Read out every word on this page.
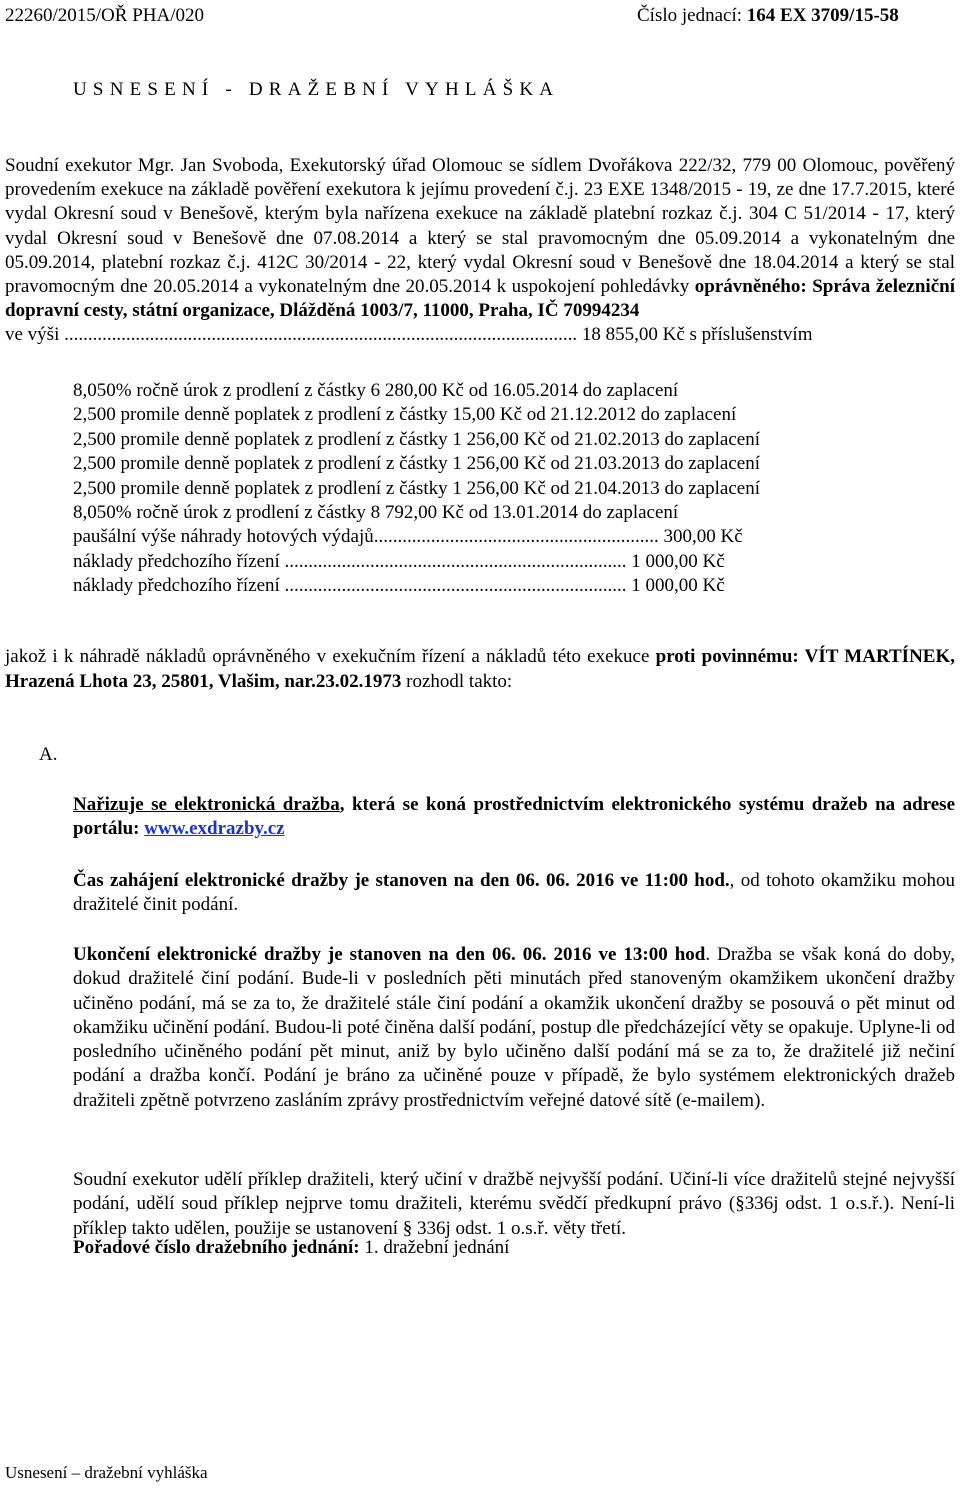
22260/2015/OŘ PHA/020	Číslo jednací: 164 EX 3709/15-58
USNESENÍ - DRAŽEBNÍ VYHLÁŠKA
Soudní exekutor Mgr. Jan Svoboda, Exekutorský úřad Olomouc se sídlem Dvořákova 222/32, 779 00 Olomouc, pověřený provedením exekuce na základě pověření exekutora k jejímu provedení č.j. 23 EXE 1348/2015 - 19, ze dne 17.7.2015, které vydal Okresní soud v Benešově, kterým byla nařízena exekuce na základě platební rozkaz č.j. 304 C 51/2014 - 17, který vydal Okresní soud v Benešově dne 07.08.2014 a který se stal pravomocným dne 05.09.2014 a vykonatelným dne 05.09.2014, platební rozkaz č.j. 412C 30/2014 - 22, který vydal Okresní soud v Benešově dne 18.04.2014 a který se stal pravomocným dne 20.05.2014 a vykonatelným dne 20.05.2014 k uspokojení pohledávky oprávněného: Správa železniční dopravní cesty, státní organizace, Dlážděná 1003/7, 11000, Praha, IČ 70994234
ve výši ............................................................................................................ 18 855,00 Kč s příslušenstvím
8,050% ročně úrok z prodlení z částky 6 280,00 Kč od 16.05.2014 do zaplacení
2,500 promile denně poplatek z prodlení z částky 15,00 Kč od 21.12.2012 do zaplacení
2,500 promile denně poplatek z prodlení z částky 1 256,00 Kč od 21.02.2013 do zaplacení
2,500 promile denně poplatek z prodlení z částky 1 256,00 Kč od 21.03.2013 do zaplacení
2,500 promile denně poplatek z prodlení z částky 1 256,00 Kč od 21.04.2013 do zaplacení
8,050% ročně úrok z prodlení z částky 8 792,00 Kč od 13.01.2014 do zaplacení
paušální výše náhrady hotových výdajů............................................................ 300,00 Kč
náklady předchozího řízení ........................................................................ 1 000,00 Kč
náklady předchozího řízení ........................................................................ 1 000,00 Kč
jakož i k náhradě nákladů oprávněného v exekučním řízení a nákladů této exekuce proti povinnému: VÍT MARTÍNEK, Hrazená Lhota 23, 25801, Vlašim, nar.23.02.1973 rozhodl takto:
A.
Nařizuje se elektronická dražba, která se koná prostřednictvím elektronického systému dražeb na adrese portálu: www.exdrazby.cz
Čas zahájení elektronické dražby je stanoven na den 06. 06. 2016 ve 11:00 hod., od tohoto okamžiku mohou dražitelé činit podání.
Ukončení elektronické dražby je stanoven na den 06. 06. 2016 ve 13:00 hod. Dražba se však koná do doby, dokud dražitelé činí podání. Bude-li v posledních pěti minutách před stanoveným okamžikem ukončení dražby učiněno podání, má se za to, že dražitelé stále činí podání a okamžik ukončení dražby se posouvá o pět minut od okamžiku učinění podání. Budou-li poté činěna další podání, postup dle předcházející věty se opakuje. Uplyne-li od posledního učiněného podání pět minut, aniž by bylo učiněno další podání má se za to, že dražitelé již nečiní podání a dražba končí. Podání je bráno za učiněné pouze v případě, že bylo systémem elektronických dražeb dražiteli zpětně potvrzeno zasláním zprávy prostřednictvím veřejné datové sítě (e-mailem).
Soudní exekutor udělí příklep dražiteli, který učiní v dražbě nejvyšší podání. Učiní-li více dražitelů stejné nejvyšší podání, udělí soud příklep nejprve tomu dražiteli, kterému svědčí předkupní právo (§336j odst. 1 o.s.ř.). Není-li příklep takto udělen, použije se ustanovení § 336j odst. 1 o.s.ř. věty třetí.
Pořadové číslo dražebního jednání: 1. dražební jednání
Usnesení – dražební vyhláška
